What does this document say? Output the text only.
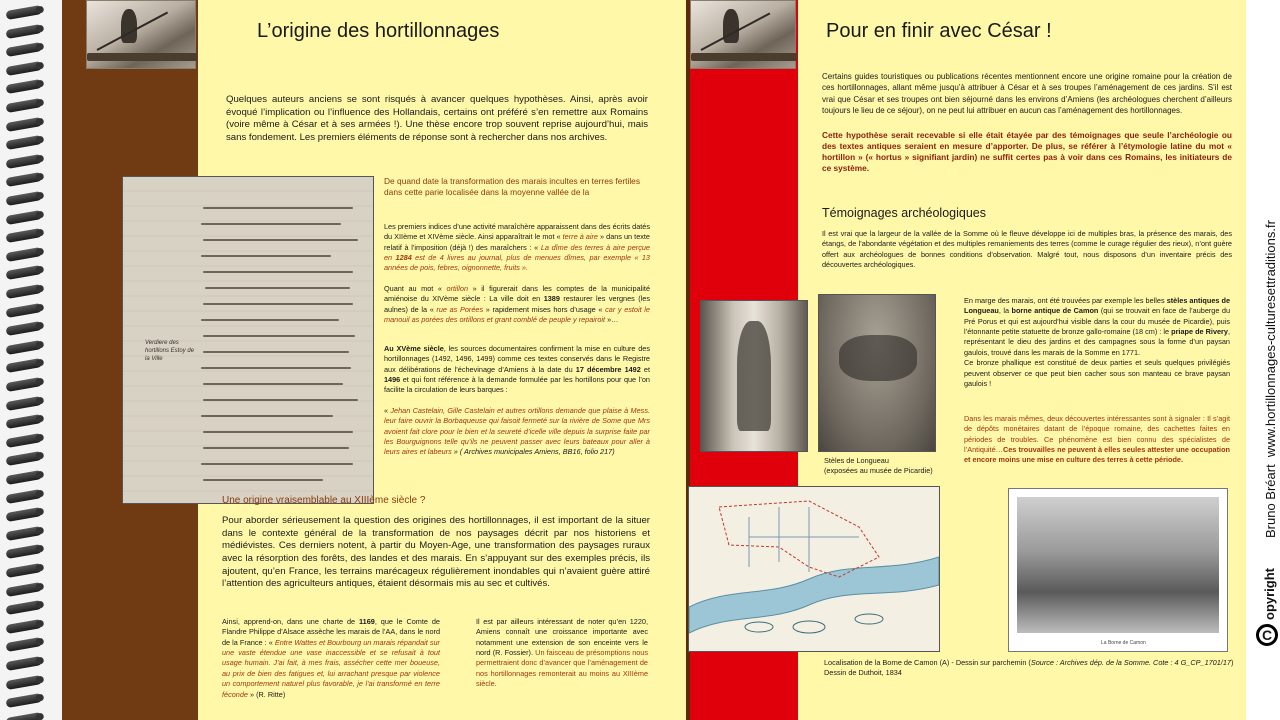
L’origine des hortillonnages
Quelques auteurs anciens se sont risqués à avancer quelques hypothèses. Ainsi, après avoir évoqué l’implication ou l’influence des Hollandais, certains ont préféré s’en remettre aux Romains (voire même à César et à ses armées !). Une thèse encore trop souvent reprise aujourd’hui, mais sans fondement. Les premiers éléments de réponse sont à rechercher dans nos archives.
Verdiere des hortillons Estoy de la Ville
De quand date la transformation des marais incultes en terres fertiles dans cette parie localisée dans la moyenne vallée de la
Les premiers indices d’une activité maraîchère apparaissent dans des écrits datés du XIIème et XIVème siècle. Ainsi apparaîtrait le mot « terre à aire » dans un texte relatif à l’imposition (déjà !) des maraîchers : « La dîme des terres à aire perçue en 1284 est de 4 livres au journal, plus de menues dîmes, par exemple « 13 années de pois, febres, oignonnette, fruits ».
Quant au mot « ortillon » il figurerait dans les comptes de la municipalité amiénoise du XIVème siècle : La ville doit en 1389 restaurer les vergnes (les aulnes) de la « rue as Porées » rapidement mises hors d’usage « car y estoit le manouil as porées des ortillons et grant comblé de peuple y repairoit »…
Au XVème siècle, les sources documentaires confirment la mise en culture des hortillonnages (1492, 1496, 1499) comme ces textes conservés dans le Registre aux délibérations de l’échevinage d’Amiens à la date du 17 décembre 1492 et 1496 et qui font référence à la demande formulée par les hortillons pour que l’on facilite la circulation de leurs barques :
« Jehan Castelain, Gille Castelain et autres ortillons demande que plaise à Mess. leur faire ouvrir la Borbaqueuse qui faisoit fermeté sur la rivière de Some que Mrs avoient fait clore pour le bien et la seureté d’icelle ville depuis la surprise faite par les Bourguignons telle qu’ils ne peuvent passer avec leurs bateaux pour aller à leurs aires et labeurs » ( Archives municipales Amiens, BB16, folio 217)
Une origine vraisemblable au XIIIème siècle ?
Pour aborder sérieusement la question des origines des hortillonnages, il est important de la situer dans le contexte général de la transformation de nos paysages décrit par nos historiens et médiévistes. Ces derniers notent, à partir du Moyen-Age, une transformation des paysages ruraux avec la résorption des forêts, des landes et des marais. En s’appuyant sur des exemples précis, ils ajoutent, qu’en France, les terrains marécageux régulièrement inondables qui n’avaient guère attiré l’attention des agriculteurs antiques, étaient désormais mis au sec et cultivés.
Ainsi, apprend-on, dans une charte de 1169, que le Comte de Flandre Philippe d’Alsace assèche les marais de l’AA, dans le nord de la France : « Entre Wattes et Bourbourg un marais répandait sur une vaste étendue une vase inaccessible et se refusait à tout usage humain. J’ai fait, à mes frais, assécher cette mer boueuse, au prix de bien des fatigues et, lui arrachant presque par violence un comportement naturel plus favorable, je l’ai transformé en terre féconde » (R. Ritte)
Il est par ailleurs intéressant de noter qu’en 1220, Amiens connaît une croissance importante avec notamment une extension de son enceinte vers le nord (R. Fossier). Un faisceau de présomptions nous permettraient donc d’avancer que l’aménagement de nos hortillonnages remonterait au moins au XIIIème siècle.
Pour en finir avec César !
Certains guides touristiques ou publications récentes mentionnent encore une origine romaine pour la création de ces hortillonnages, allant même jusqu’à attribuer à César et à ses troupes l’aménagement de ces jardins. S’il est vrai que César et ses troupes ont bien séjourné dans les environs d’Amiens (les archéologues cherchent d’ailleurs toujours le lieu de ce séjour), on ne peut lui attribuer en aucun cas l’aménagement des hortillonnages.
Cette hypothèse serait recevable si elle était étayée par des témoignages que seule l’archéologie ou des textes antiques seraient en mesure d’apporter. De plus, se référer à l’étymologie latine du mot « hortillon » (« hortus » signifiant jardin) ne suffit certes pas à voir dans ces Romains, les initiateurs de ce système.
Témoignages archéologiques
Il est vrai que la largeur de la vallée de la Somme où le fleuve développe ici de multiples bras, la présence des marais, des étangs, de l’abondante végétation et des multiples remaniements des terres (comme le curage régulier des rieux), n’ont guère offert aux archéologues de bonnes conditions d’observation. Malgré tout, nous disposons d’un inventaire précis des découvertes archéologiques.
Stèles de Longueau
(exposées au musée de Picardie)
En marge des marais, ont été trouvées par exemple les belles stèles antiques de Longueau, la borne antique de Camon (qui se trouvait en face de l’auberge du Pré Porus et qui est aujourd’hui visible dans la cour du musée de Picardie), puis l’étonnante petite statuette de bronze gallo-romaine (18 cm) : le priape de Rivery, représentant le dieu des jardins et des campagnes sous la forme d’un paysan gaulois, trouvé dans les marais de la Somme en 1771.
Ce bronze phallique est constitué de deux parties et seuls quelques privilégiés peuvent observer ce que peut bien cacher sous son manteau ce brave paysan gaulois !
Dans les marais mêmes, deux découvertes intéressantes sont à signaler : Il s’agit de dépôts monétaires datant de l’époque romaine, des cachettes faites en périodes de troubles. Ce phénomène est bien connu des spécialistes de l’Antiquité…Ces trouvailles ne peuvent à elles seules attester une occupation et encore moins une mise en culture des terres à cette période.
Localisation de la Borne de Camon (A) - Dessin sur parchemin (Source : Archives dép. de la Somme. Cote : 4 G_CP_1701/17)
Dessin de Duthoit, 1834
La Borne de Camon
Bruno Bréart  www.hortillonnages-culturesettraditions.fr
C
opyright
